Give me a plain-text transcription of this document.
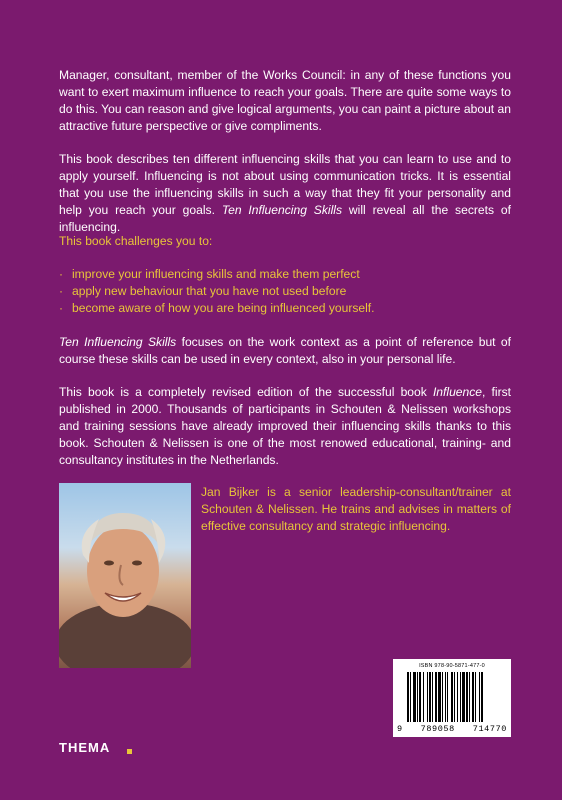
Manager, consultant, member of the Works Council: in any of these functions you want to exert maximum influence to reach your goals. There are quite some ways to do this. You can reason and give logical arguments, you can paint a picture about an attractive future perspective or give compliments.

This book describes ten different influencing skills that you can learn to use and to apply yourself. Influencing is not about using communication tricks. It is essential that you use the influencing skills in such a way that they fit your personality and help you reach your goals. Ten Influencing Skills will reveal all the secrets of influencing.

This book challenges you to:

· improve your influencing skills and make them perfect
· apply new behaviour that you have not used before
· become aware of how you are being influenced yourself.

Ten Influencing Skills focuses on the work context as a point of reference but of course these skills can be used in every context, also in your personal life.

This book is a completely revised edition of the successful book Influence, first published in 2000. Thousands of participants in Schouten & Nelissen workshops and training sessions have already improved their influencing skills thanks to this book. Schouten & Nelissen is one of the most renowed educational, training- and consultancy institutes in the Netherlands.

Jan Bijker is a senior leadership-consultant/trainer at Schouten & Nelissen. He trains and advises in matters of effective consultancy and strategic influencing.

ISBN 978-90-5871-477-0
9 789058 714770
THEMA
